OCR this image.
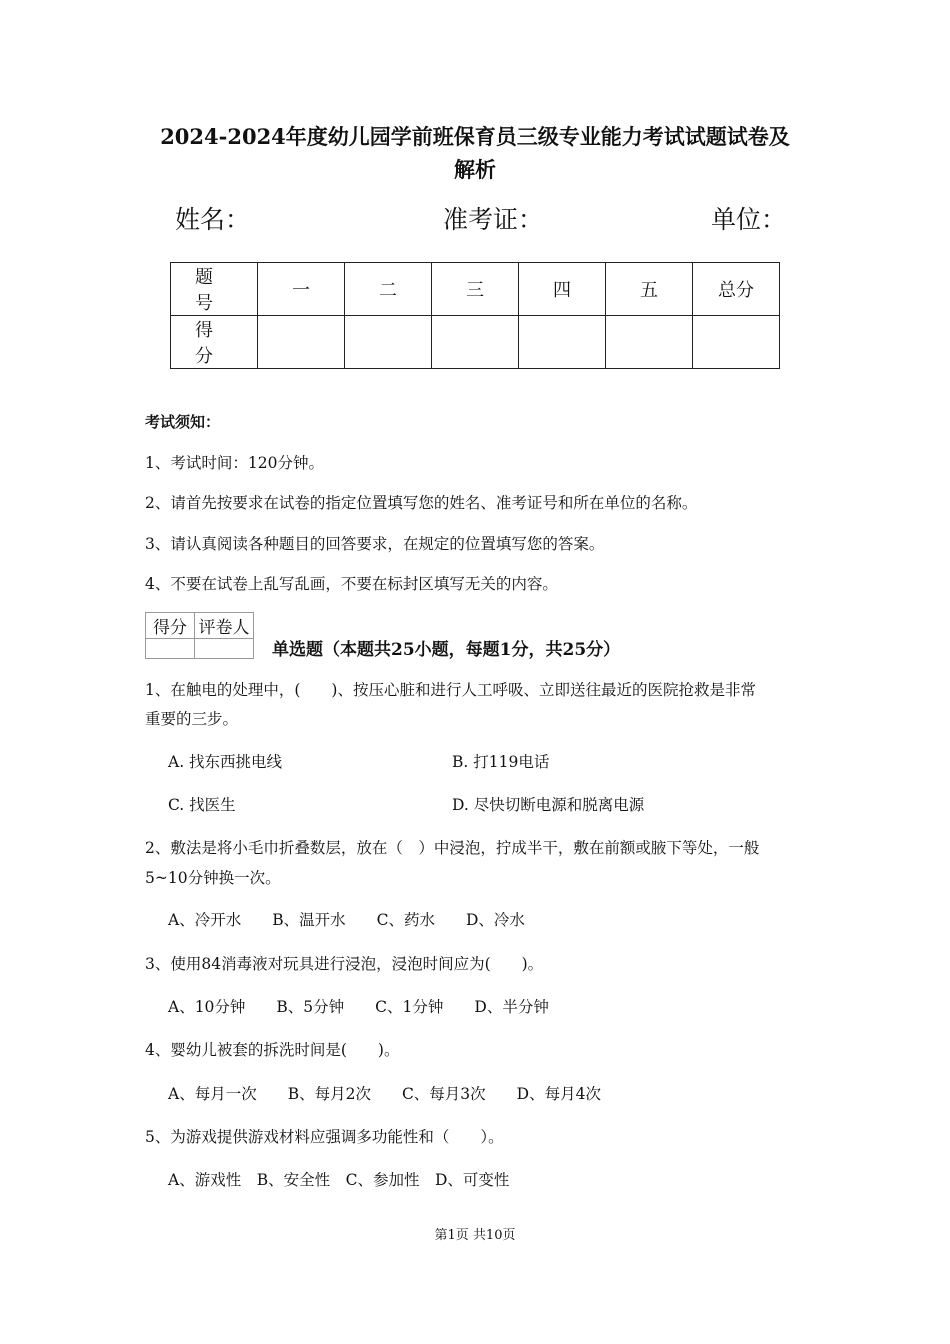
2024-2024年度幼儿园学前班保育员三级专业能力考试试题试卷及
解析
姓名：	准考证：	单位：
题 号	一	二	三	四	五	总分
得 分						
考试须知：
1、考试时间：120分钟。
2、请首先按要求在试卷的指定位置填写您的姓名、准考证号和所在单位的名称。
3、请认真阅读各种题目的回答要求，在规定的位置填写您的答案。
4、不要在试卷上乱写乱画，不要在标封区填写无关的内容。
得分	评卷人

单选题（本题共25小题，每题1分，共25分）
1、在触电的处理中，(　　)、按压心脏和进行人工呼吸、立即送往最近的医院抢救是非常
重要的三步。
A. 找东西挑电线	B. 打119电话
C. 找医生	D. 尽快切断电源和脱离电源
2、敷法是将小毛巾折叠数层，放在（　）中浸泡，拧成半干，敷在前额或腋下等处，一般
5~10分钟换一次。
A、冷开水　　B、温开水　　C、药水　　D、冷水
3、使用84消毒液对玩具进行浸泡，浸泡时间应为(　　)。
A、10分钟　　B、5分钟　　C、1分钟　　D、半分钟
4、婴幼儿被套的拆洗时间是(　　)。
A、每月一次　　B、每月2次　　C、每月3次　　D、每月4次
5、为游戏提供游戏材料应强调多功能性和（　　）。
A、游戏性　B、安全性　C、参加性　D、可变性
第1页 共10页
